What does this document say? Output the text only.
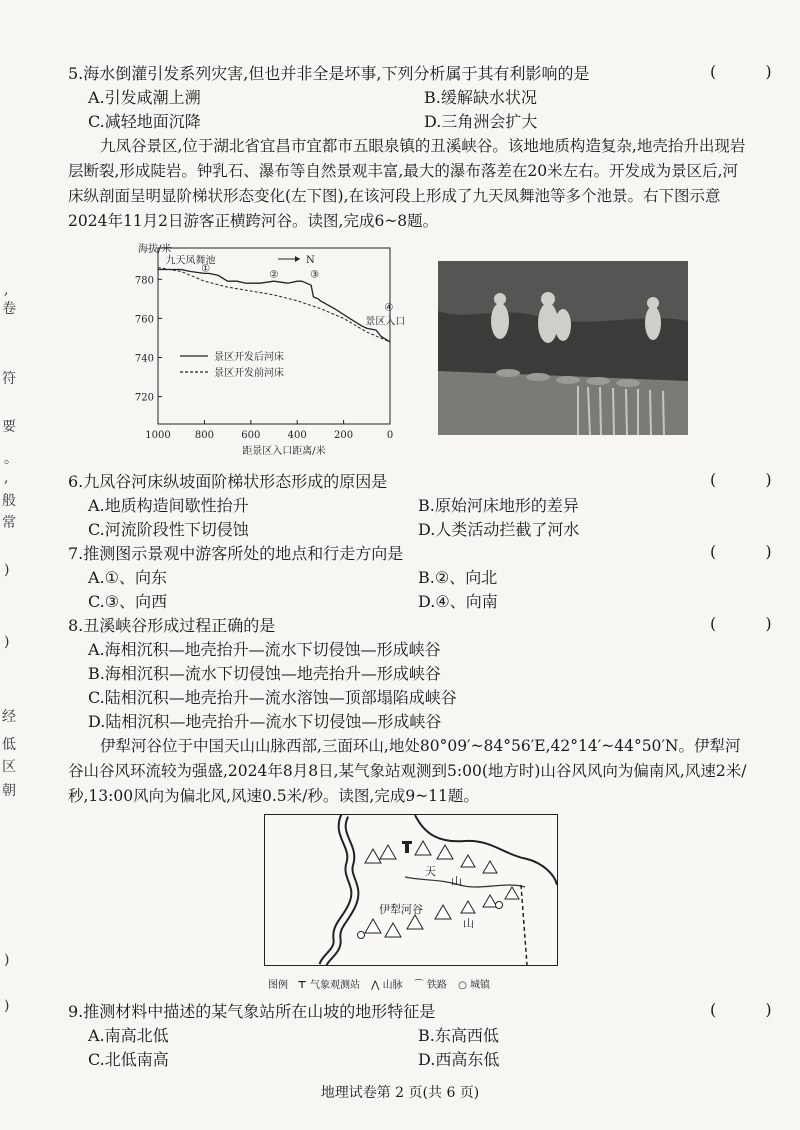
,
卷
符
要
。
,
般
常
)
)
经
低
区
朝
)
)
5.海水倒灌引发系列灾害,但也并非全是坏事,下列分析属于其有利影响的是	( )
A.引发咸潮上溯	B.缓解缺水状况
C.减轻地面沉降	D.三角洲会扩大
九凤谷景区,位于湖北省宜昌市宜都市五眼泉镇的丑溪峡谷。该地地质构造复杂,地壳抬升出现岩层断裂,形成陡岩。钟乳石、瀑布等自然景观丰富,最大的瀑布落差在20米左右。开发成为景区后,河床纵剖面呈明显阶梯状形态变化(左下图),在该河段上形成了九天凤舞池等多个池景。右下图示意2024年11月2日游客正横跨河谷。读图,完成6~8题。
1000 800	600	400	200	0
780
760
740
720
海拔/米
距景区入口距离/米
N
景区开发后河床
景区开发前河床
九天凤舞池
①
②	③
④
景区入口
6.九凤谷河床纵坡面阶梯状形态形成的原因是	( )
A.地质构造间歇性抬升	B.原始河床地形的差异
C.河流阶段性下切侵蚀	D.人类活动拦截了河水
7.推测图示景观中游客所处的地点和行走方向是	( )
A.①、向东	B.②、向北
C.③、向西	D.④、向南
8.丑溪峡谷形成过程正确的是	( )
A.海相沉积—地壳抬升—流水下切侵蚀—形成峡谷
B.海相沉积—流水下切侵蚀—地壳抬升—形成峡谷
C.陆相沉积—地壳抬升—流水溶蚀—顶部塌陷成峡谷
D.陆相沉积—地壳抬升—流水下切侵蚀—形成峡谷
伊犁河谷位于中国天山山脉西部,三面环山,地处80°09′~84°56′E,42°14′~44°50′N。伊犁河谷山谷风环流较为强盛,2024年8月8日,某气象站观测到5:00(地方时)山谷风风向为偏南风,风速2米/秒,13:00风向为偏北风,风速0.5米/秒。读图,完成9~11题。
天
山
伊犁河谷
山
图例 ⊤ 气象观测站 ⋀ 山脉 ⌒ 铁路 ○ 城镇
9.推测材料中描述的某气象站所在山坡的地形特征是	( )
A.南高北低	B.东高西低
C.北低南高	D.西高东低
地理试卷第 2 页(共 6 页)
